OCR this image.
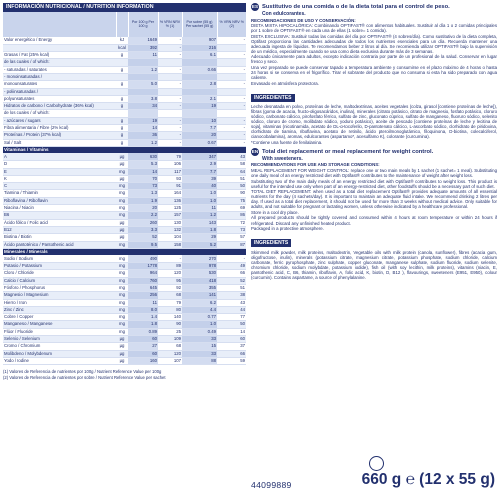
INFORMACIÓN NUTRICIONAL / NUTRITION INFORMATION
		Por 100 g Per 100 g	% VRN NRV % (1)	Por sobre (55 g) Per sachet (55 g)	% VRN NRV % (2)
Valor energético / Energy	kJ	1649	-	907	-
	kcal	392	-	216	
Grasas / Fat (25% kcal)	g	11	-	6.1	-
de las cuales / of which:					
- saturadas / saturates	g	1.2	-	0.66	-
- monoinsaturadas /					
monounsaturates	g	5.0	-	2.8	-
- poliinsaturadas /					
polyunsaturates	g	3.8	-	2.1	-
Hidratos de carbono / Carbohydrate (36% kcal)	g	34	-	19	-
de los cuales / of which:					
- azúcares / sugars	g	19	-	10	-
Fibra alimentaria / Fibre (2% kcal)	g	14	-	7.7	-
Proteínas / Protein (37% kcal)	g	36	-	20	-
Sal / Salt	g	1.2	-	0.67	-
Vitaminas / Vitamins					
A	µg	630	79	347	43
D	µg	5.3	106	2.9	58
E	mg	14	117	7.7	64
K	µg	70	93	39	51
C	mg	73	91	40	50
Tiamina / Thiamin	mg	1.3	164	1.0	90
Riboflavina / Riboflavin	mg	1.9	136	1.0	75
Niacina / Niacin	mg	20	125	11	69
B6	mg	2.2	157	1.2	86
Ácido fólico / Folic acid	µg	260	130	143	72
B12	µg	3.3	132	1.8	73
Biotina / Biotin	µg	52	104	29	57
Ácido pantoténico / Pantothenic acid	mg	9.5	158	5.2	87
Minerales / Minerals					
Sodio / Sodium	mg	490	-	270	-
Potasio / Potassium	mg	1778	89	978	49
Cloro / Chloride	mg	964	120	530	66
Calcio / Calcium	mg	760	95	418	52
Fósforo / Phosphorus	mg	645	92	355	51
Magnesio / Magnesium	mg	256	68	141	38
Hierro / Iron	mg	11	79	6.2	43
Zinc / Zinc	mg	8.0	80	4.4	44
Cobre / Copper	mg	1.4	140	0.77	77
Manganeso / Manganese	mg	1.8	90	1.0	50
Flúor / Fluoride	mg	0.89	25	0.49	14
Selenio / Selenium	µg	60	109	33	60
Cromo / Chromium	µg	27	68	15	37
Molibdeno / Molybdenum	µg	60	120	33	66
Yodo / Iodine	µg	160	107	88	59
(1) Valores de Referencia de nutrientes por 100g / Nutrient Reference Value per 100g
(2) Valores de Referencia de nutrientes por sobre / Nutrient Reference Value per sachet
ES Sustitutivo de una comida o de la dieta total para el control de peso.
Con edulcorantes.
RECOMENDACIONES DE USO Y CONSERVACIÓN:
DIETA MIXTA HIPOCALÓRICA: Combinando OPTIFAST® con alimentos habituales. Sustituir al día 1 o 2 comidas principales por 1 sobre de OPTIFAST® en cada una de ellas (1 sobre= 1 comida).
DIETA EXCLUSIVA: Sustituir todas las comidas del día por OPTIFAST® (4 sobres/día). Como sustitutivo de la dieta completa, Optifast proporciona las cantidades adecuadas de todos los nutrientes esenciales para un día. Recuerda mantener una adecuada ingesta de líquidos. Te recomendamos beber 2 litros al día. Se recomienda utilizar OPTIFAST® bajo la supervisión de un médico, especialmente cuando se usa como dieta exclusiva durante más de 3 semanas.
Adecuado únicamente para adultos, excepto indicación contraria por parte de un profesional de la salud. Conservar en lugar fresco y seco.
Una vez preparado se puede conservar tapado a temperatura ambiente y consumirse en el plazo máximo de 4 horas o hasta 24 horas si se conserva en el frigorífico. Tirar el sobrante del producto que no consuma si esta ha sido preparado con agua caliente.
Envasado en atmósfera protectora.
INGREDIENTES
Leche desnatada en polvo, proteínas de leche, maltodextrinas, aceites vegetales (colza, girasol [contiene proteínas de leche]), fibras (goma de acacia, fructo-oligosacáridos, inulina), minerales (citrato potásico, citrato de magnesio, fosfato potásico, cloruro sódico, carbonato cálcico, pirofosfato férrico, sulfato de zinc, gluconato cúprico, sulfato de manganeso, fluoruro sódico, selenito sódico, cloruro de cromo, molibdato sódico, yoduro potásico), aceite de pescado [contiene proteínas de leche y lecitina de soja], vitaminas (nicotinamida, acetato de DL-α-tocoferilo, D-pantotenato cálcico, L-ascorbato sódico, clorhidrato de piridoxina, clorhidrato de tiamina, riboflavina, acetato de retinilo, ácido pteroilmonoglutámico, filoquinona, D-biotina, colecalciferol, cianocobalamina), aromas, edulcorantes (aspartamo*, acesulfamo K), colorante (curcumina).
*Contiene una fuente de fenilalanina.
EN Total diet replacement or meal replacement for weight control.
With sweeteners.
RECOMMENDATIONS FOR USE AND STORAGE CONDITIONS:
MEAL REPLACEMENT FOR WEIGHT CONTROL: replace one or two main meals by 1 sachet (1 sachet= 1 meal). Substituting one daily meal of an energy restricted diet with Optifast® contributes to the maintenance of weight after weight loss.
Substituting two of the main daily meals of an energy restricted diet with Optifast® contributes to weight loss. This product is useful for the intended use only when part of an energy-restricted diet, other foodstuffs should be a necessary part of such diet.
TOTAL DIET REPLACEMENT: when used as a total diet replacement Optifast® provides adequate amounts of all essential nutrients for the day (4 sachets/day). It is important to maintain an adequate fluid intake. We recommend drinking 2 litres per day. If used as a total diet replacement, it should not be used for more than 3 weeks without medical advice. Only suitable for adults, and not suitable for pregnant or lactating women, unless otherwise indicated by a healthcare professional.
Store in a cool dry place.
All prepared products should be tightly covered and consumed within 4 hours at room temperature or within 24 hours if refrigerated. Discard any unfinished heated product.
Packaged in a protective atmosphere.
INGREDIENTS
Skimmed milk powder, milk proteins, maltodextrin, Vegetable oils with milk protein (canola, sunflower), fibres (acacia gum, oligofructose, inulin), minerals (potassium citrate, magnesium citrate, potassium phosphate, sodium chloride, calcium carbonate, ferric pyrophosphate, zinc sulphate, copper gluconate, manganese sulphate, sodium fluoride, sodium selenite, chromium chloride, sodium molybdate, potassium iodide), fish oil (with soy lecithin, milk proteins), vitamins (niacin, E, pantothenic acid, C, B6, thiamin, riboflavin, A, folic acid, K, biotin, D, B12 ), flavourings, sweeteners (E951, E950), colour (curcumin). Contains aspartame, a source of phenylalanine.
44099889	660 g ℮ (12 x 55 g)
